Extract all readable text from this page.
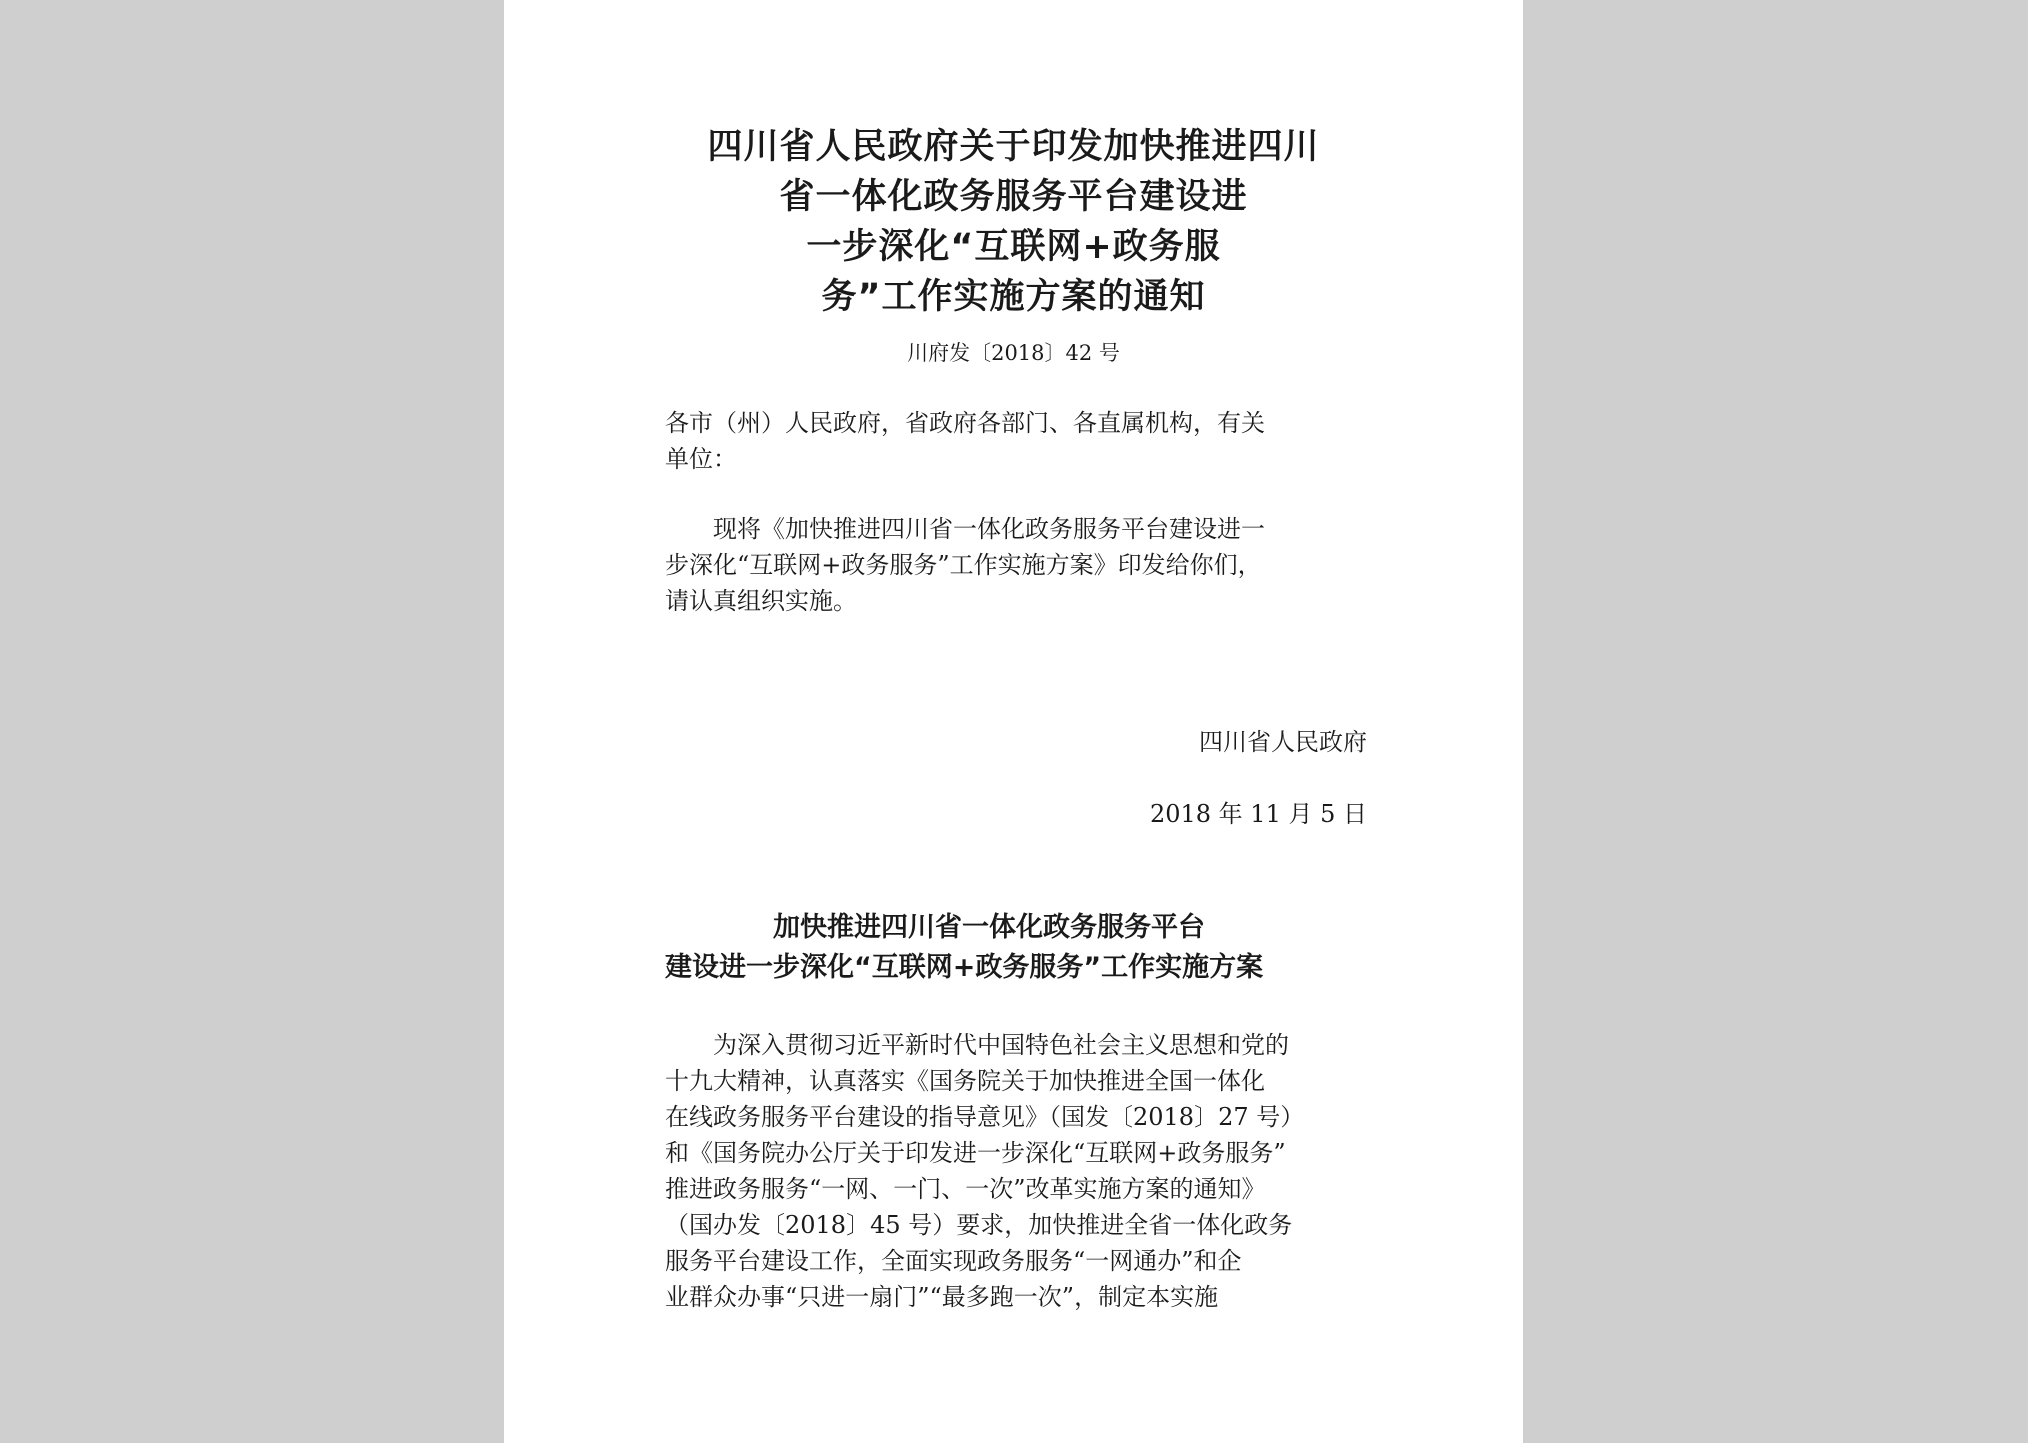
四川省人民政府关于印发加快推进四川
省一体化政务服务平台建设进
一步深化“互联网+政务服
务”工作实施方案的通知
川府发〔2018〕42 号
各市（州）人民政府，省政府各部门、各直属机构，有关
单位：
　　现将《加快推进四川省一体化政务服务平台建设进一
步深化“互联网+政务服务”工作实施方案》印发给你们，
请认真组织实施。
四川省人民政府
2018 年 11 月 5 日
加快推进四川省一体化政务服务平台
建设进一步深化“互联网+政务服务”工作实施方案
　　为深入贯彻习近平新时代中国特色社会主义思想和党的
十九大精神，认真落实《国务院关于加快推进全国一体化
在线政务服务平台建设的指导意见》（国发〔2018〕27 号）
和《国务院办公厅关于印发进一步深化“互联网+政务服务”
推进政务服务“一网、一门、一次”改革实施方案的通知》
（国办发〔2018〕45 号）要求，加快推进全省一体化政务
服务平台建设工作，全面实现政务服务“一网通办”和企
业群众办事“只进一扇门”“最多跑一次”，制定本实施
